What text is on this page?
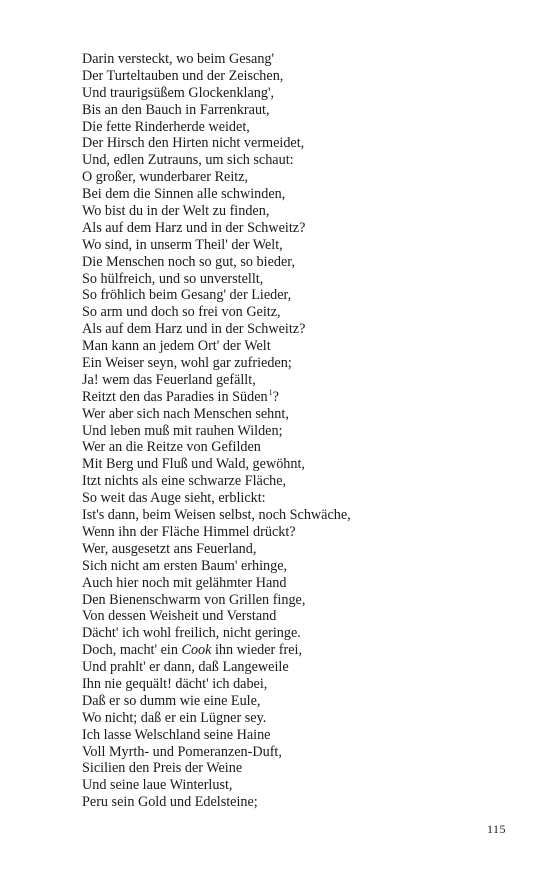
Darin versteckt, wo beim Gesang'
Der Turteltauben und der Zeischen,
Und traurigsüßem Glockenklang',
Bis an den Bauch in Farrenkraut,
Die fette Rinderherde weidet,
Der Hirsch den Hirten nicht vermeidet,
Und, edlen Zutrauns, um sich schaut:
O großer, wunderbarer Reitz,
Bei dem die Sinnen alle schwinden,
Wo bist du in der Welt zu finden,
Als auf dem Harz und in der Schweitz?
Wo sind, in unserm Theil' der Welt,
Die Menschen noch so gut, so bieder,
So hülfreich, und so unverstellt,
So fröhlich beim Gesang' der Lieder,
So arm und doch so frei von Geitz,
Als auf dem Harz und in der Schweitz?
Man kann an jedem Ort' der Welt
Ein Weiser seyn, wohl gar zufrieden;
Ja! wem das Feuerland gefällt,
Reitzt den das Paradies in Süden$^1$?
Wer aber sich nach Menschen sehnt,
Und leben muß mit rauhen Wilden;
Wer an die Reitze von Gefilden
Mit Berg und Fluß und Wald, gewöhnt,
Itzt nichts als eine schwarze Fläche,
So weit das Auge sieht, erblickt:
Ist's dann, beim Weisen selbst, noch Schwäche,
Wenn ihn der Fläche Himmel drückt?
Wer, ausgesetzt ans Feuerland,
Sich nicht am ersten Baum' erhinge,
Auch hier noch mit gelähmter Hand
Den Bienenschwarm von Grillen finge,
Von dessen Weisheit und Verstand
Dächt' ich wohl freilich, nicht geringe.
Doch, macht' ein Cook ihn wieder frei,
Und prahlt' er dann, daß Langeweile
Ihn nie gequält! dächt' ich dabei,
Daß er so dumm wie eine Eule,
Wo nicht; daß er ein Lügner sey.
Ich lasse Welschland seine Haine
Voll Myrth- und Pomeranzen-Duft,
Sicilien den Preis der Weine
Und seine laue Winterlust,
Peru sein Gold und Edelsteine;
115
